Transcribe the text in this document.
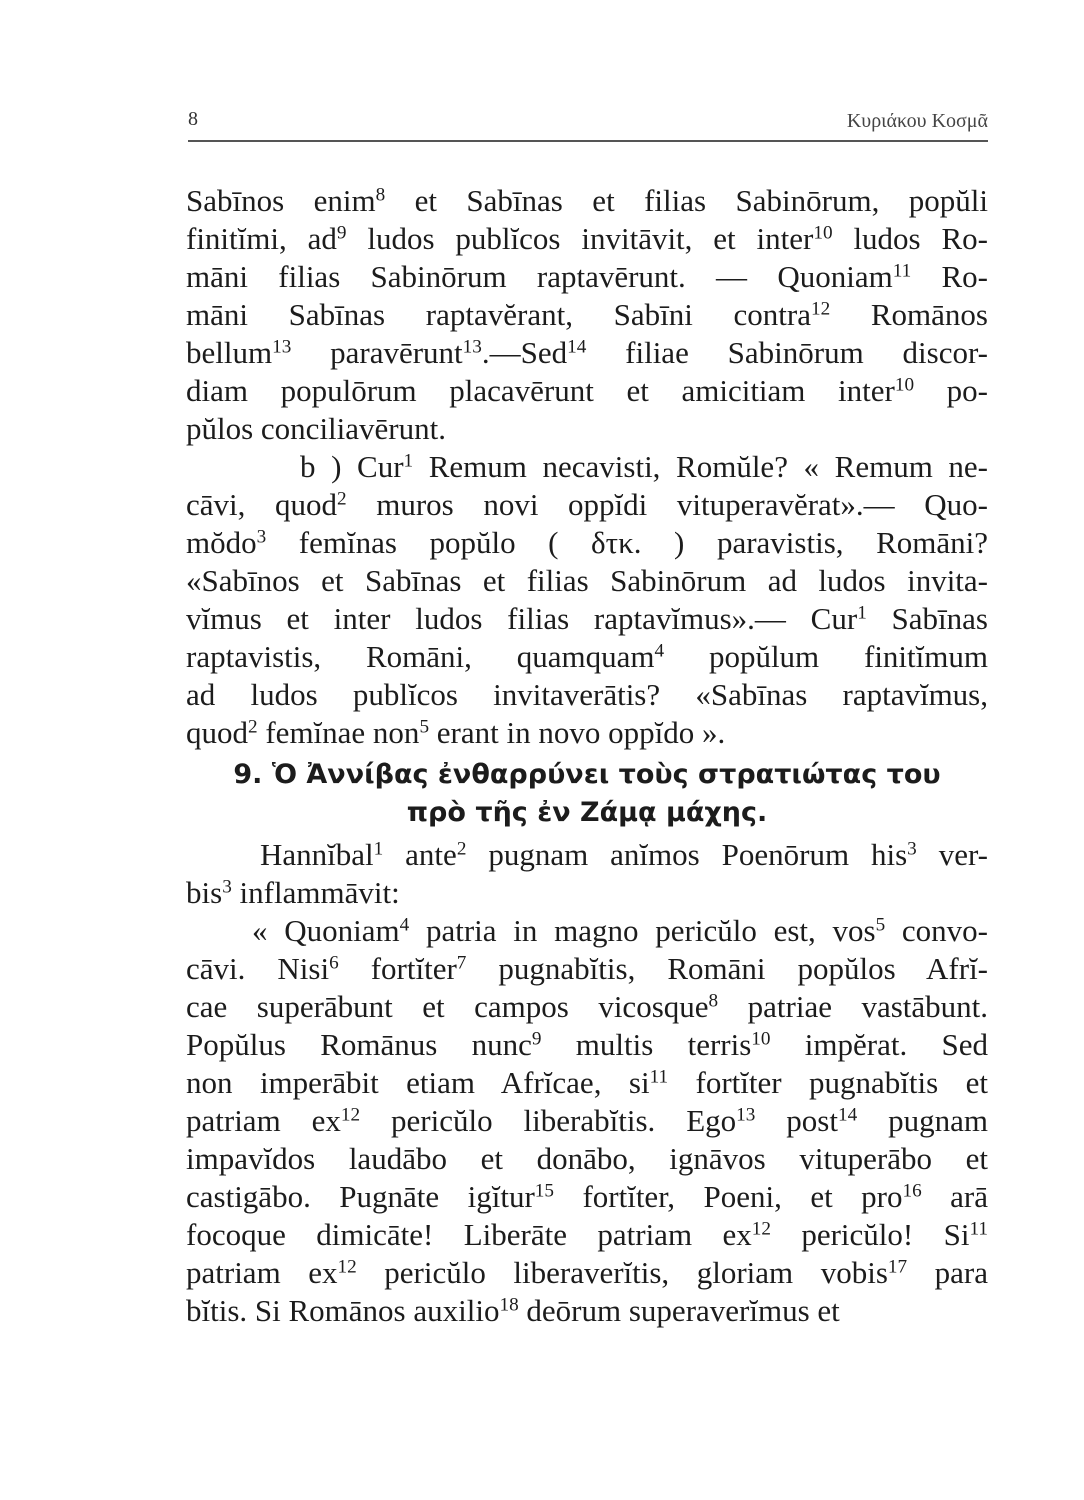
8	Κυριάκου Κοσμᾶ
Sabīnos enim$^8$ et Sabīnas et filias Sabinōrum, popŭli
finitĭmi, $ad^9$ ludos publĭcos invitāvit, et inter$^{10}$ ludos Ro-
māni filias Sabinōrum raptavērunt. — Quoniam$^{11}$ Ro-
māni Sabīnas raptavĕrant, Sabīni contra$^{12}$ Romānos
bellum$^{13}$ paravērunt$^{13}$.—Sed$^{14}$ filiae Sabinōrum discor-
diam populōrum placavērunt et amicitiam inter$^{10}$ po-
pŭlos conciliavērunt.
b ) Cur$^1$ Remum necavisti, Romŭle? « Remum ne-
cāvi, quod$^2$ muros novi oppĭdi vituperavĕrat».— Quo-
mŏdo$^3$ femĭnas popŭlo ( δτκ. ) paravistis, Romāni?
«Sabīnos et Sabīnas et filias Sabinōrum ad ludos invita-
vĭmus et inter ludos filias raptavĭmus».— Cur$^1$ Sabīnas
raptavistis, Romāni, quamquam$^4$ popŭlum finitĭmum
ad ludos publĭcos invitaverātis? «Sabīnas raptavĭmus,
quod$^2$ femĭnae non$^5$ erant in novo oppĭdo ».
9. Ὁ Ἀννίβας ἐνθαρρύνει τοὺς στρατιώτας του
πρὸ τῆς ἐν Ζάμᾳ μάχης.
Hannĭbal$^1$ ante$^2$ pugnam anĭmos Poenōrum his$^3$ ver-
bis$^3$ inflammāvit:
« Quoniam$^4$ patria in magno pericŭlo est, vos$^5$ convo-
cāvi. Nisi$^6$ fortĭter$^7$ pugnabĭtis, Romāni popŭlos Afrĭ-
cae superābunt et campos vicosque$^8$ patriae vastābunt.
Popŭlus Romānus nunc$^9$ multis terris$^{10}$ impĕrat. Sed
non imperābit etiam Afrĭcae, $si^{11}$ fortĭter pugnabĭtis et
patriam $ex^{12}$ pericŭlo liberabĭtis. Ego$^{13}$ post$^{14}$ pugnam
impavĭdos laudābo et donābo, ignāvos vituperābo et
castigābo. Pugnāte igĭtur$^{15}$ fortĭter, Poeni, et pro$^{16}$ arā
focoque dimicāte! Liberāte patriam $ex^{12}$ pericŭlo! Si$^{11}$
patriam $ex^{12}$ pericŭlo liberaverĭtis, gloriam vobis$^{17}$ para
bĭtis. Si Romānos auxilio$^{18}$ deōrum superaverĭmus et
